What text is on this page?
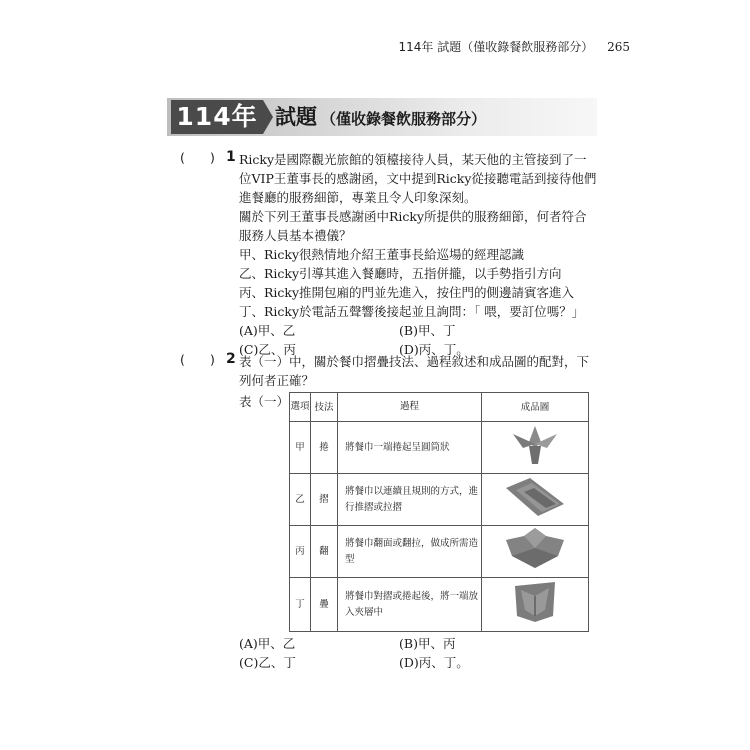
114年 試題（僅收錄餐飲服務部分） 265
114年 試題 （僅收錄餐飲服務部分）
( ) 1 Ricky是國際觀光旅館的領檯接待人員，某天他的主管接到了一
位VIP王董事長的感謝函，文中提到Ricky從接聽電話到接待他們
進餐廳的服務細節，專業且令人印象深刻。
關於下列王董事長感謝函中Ricky所提供的服務細節，何者符合
服務人員基本禮儀？
甲、Ricky很熱情地介紹王董事長給巡場的經理認識
乙、Ricky引導其進入餐廳時，五指併攏，以手勢指引方向
丙、Ricky推開包廂的門並先進入，按住門的側邊請賓客進入
丁、Ricky於電話五聲響後接起並且詢問：「 喂，要訂位嗎？」
(A)甲、乙	(B)甲、丁
(C)乙、丙	(D)丙、丁。
( ) 2 表（一）中，關於餐巾摺疊技法、過程敘述和成品圖的配對，下
列何者正確？
表（一） 選項	技法	過程	成品圖
甲	捲	將餐巾一端捲起呈圓筒狀	
乙	摺	將餐巾以連續且規則的方式，進行推摺或拉摺	
丙	翻	將餐巾翻面或翻拉，做成所需造型	
丁	疊	將餐巾對摺或捲起後，將一端放入夾層中	
(A)甲、乙	(B)甲、丙
(C)乙、丁	(D)丙、丁。
